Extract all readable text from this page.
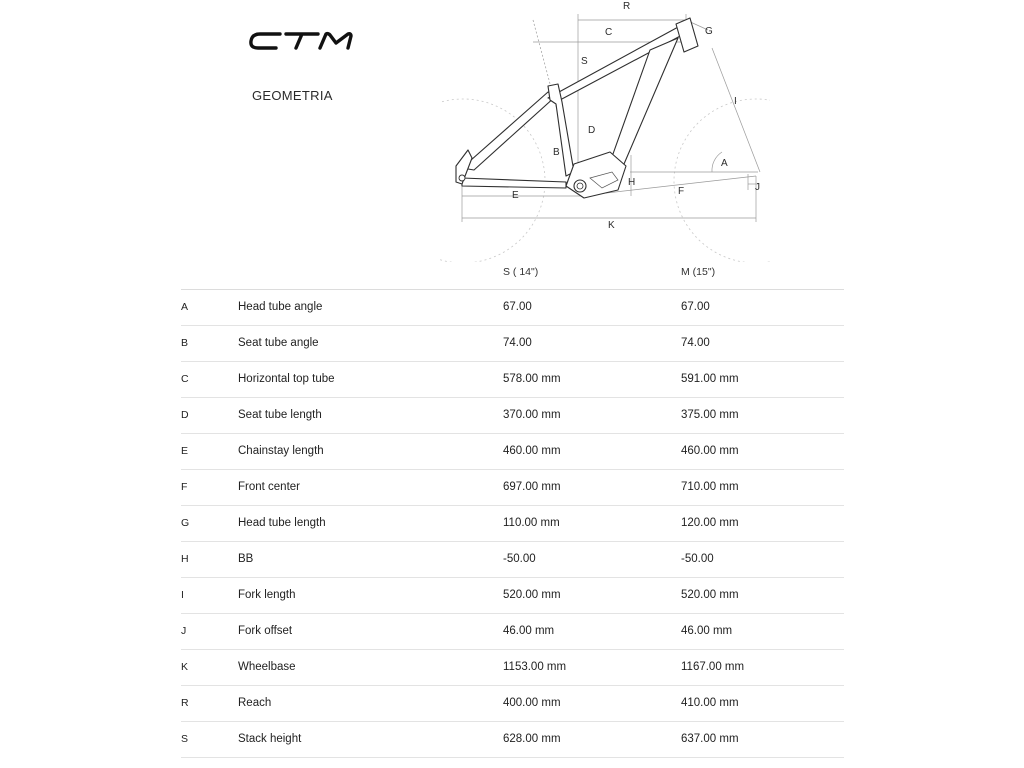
GEOMETRIA
R
C
S
G
I
D
B
A
H
E	F	J
K
S ( 14")	M (15")
A	Head tube angle	67.00	67.00
B	Seat tube angle	74.00	74.00
C	Horizontal top tube	578.00 mm	591.00 mm
D	Seat tube length	370.00 mm	375.00 mm
E	Chainstay length	460.00 mm	460.00 mm
F	Front center	697.00 mm	710.00 mm
G	Head tube length	110.00 mm	120.00 mm
H	BB	-50.00	-50.00
I	Fork length	520.00 mm	520.00 mm
J	Fork offset	46.00 mm	46.00 mm
K	Wheelbase	1153.00 mm	1167.00 mm
R	Reach	400.00 mm	410.00 mm
S	Stack height	628.00 mm	637.00 mm
